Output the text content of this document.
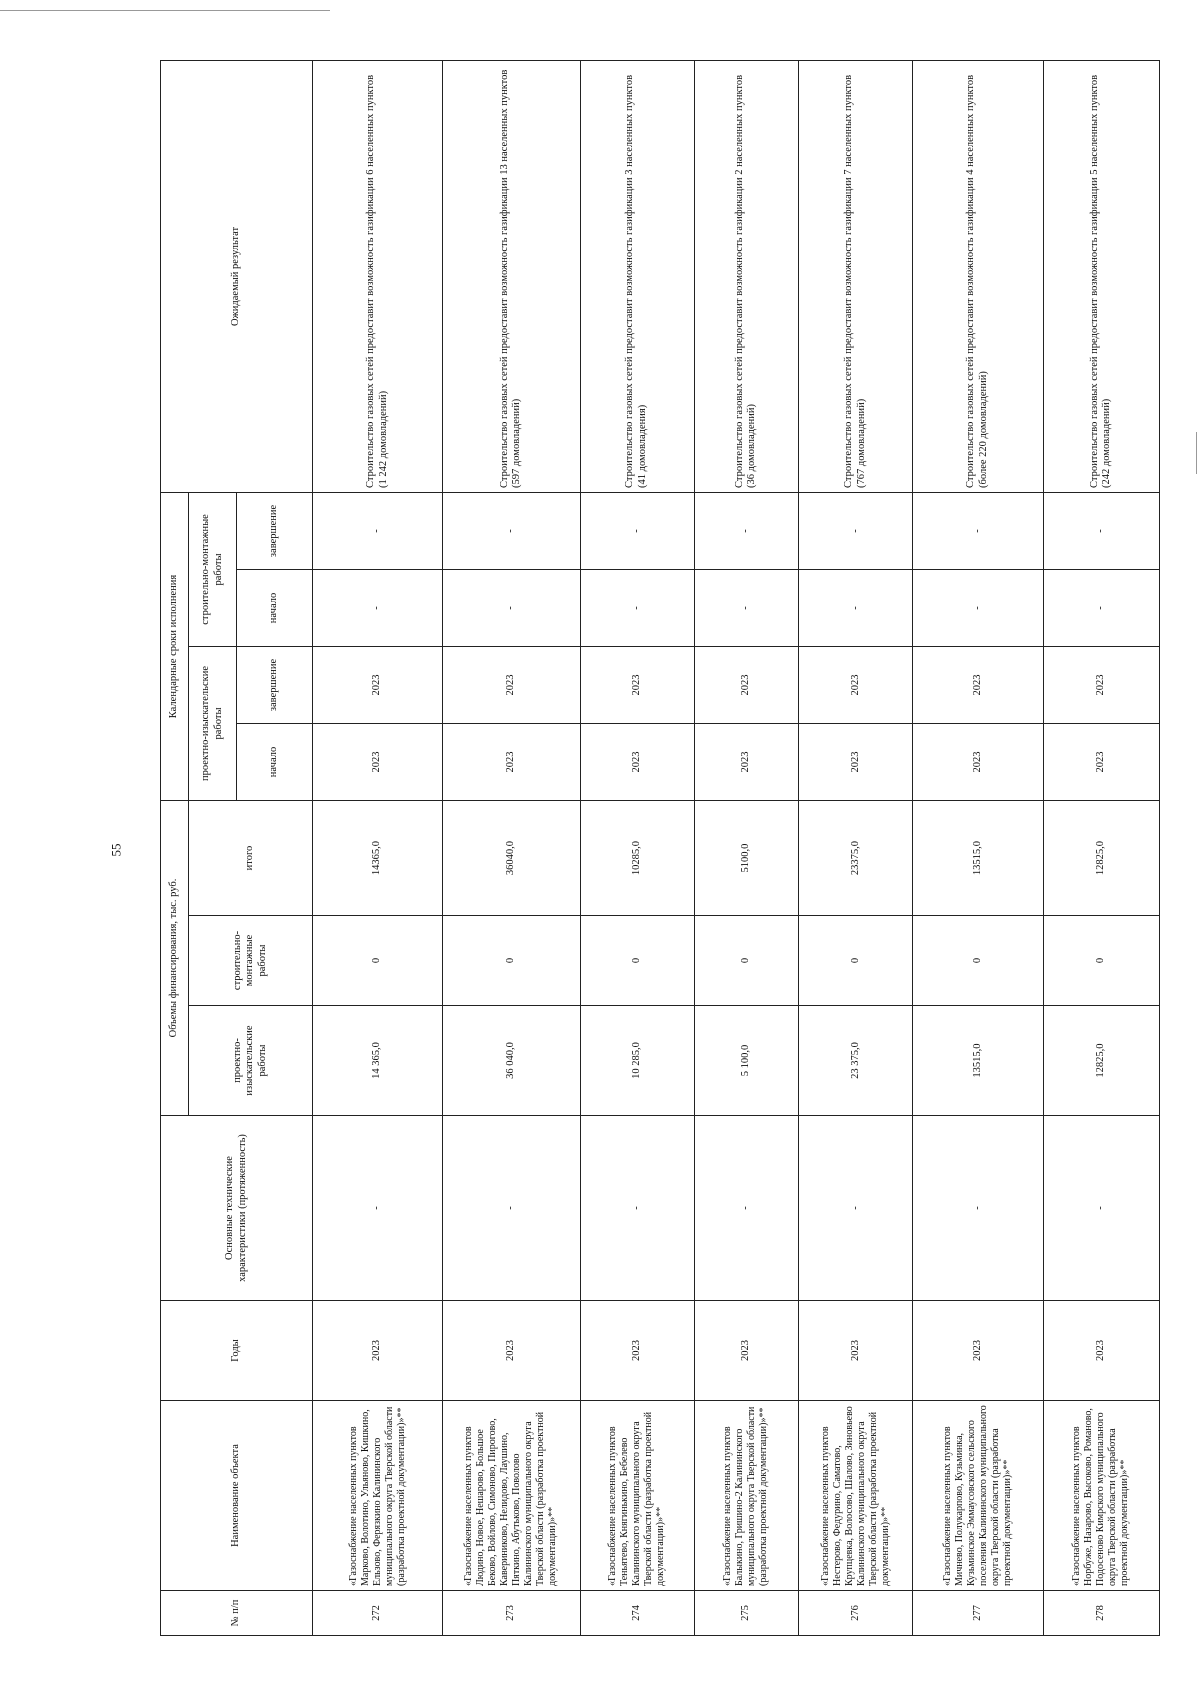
55
№ п/п	Наименование объекта	Годы	Основные технические характеристики (протяженность)	Объемы финансирования, тыс. руб.			Календарные сроки исполнения				Ожидаемый результат
				проектно-изыскательские работы	строительно-монтажные работы	итого	проектно-изыскательские работы		строительно-монтажные работы		
							начало	завершение	начало	завершение	
272	«Газоснабжение населенных пунктов Марково, Волотино, Ульяново, Кишкино, Ельзово, Ферязкино Калининского муниципального округа Тверской области (разработка проектной документации)»**	2023	-	14 365,0	0	14365,0	2023	2023	-	-	Строительство газовых сетей предоставит возможность газификации 6 населенных пунктов (1 242 домовладений)
273	«Газоснабжение населенных пунктов Людино, Новое, Нешарово, Большое Беково, Войлово, Симоново, Пирогово, Кавериниково, Нелидово, Лаушино, Пяткино, Абутьково, Поволово Калининского муниципального округа Тверской области (разработка проектной документации)»**	2023	-	36 040,0	0	36040,0	2023	2023	-	-	Строительство газовых сетей предоставит возможность газификации 13 населенных пунктов (597 домовладений)
274	«Газоснабжение населенных пунктов Теньятево, Княгинькино, Бебелево Калининского муниципального округа Тверской области (разработка проектной документации)»**	2023	-	10 285,0	0	10285,0	2023	2023	-	-	Строительство газовых сетей предоставит возможность газификации 3 населенных пунктов (41 домовладения)
275	«Газоснабжение населенных пунктов Балыкино, Гришино-2 Калининского муниципального округа Тверской области (разработка проектной документации)»**	2023	-	5 100,0	0	5100,0	2023	2023	-	-	Строительство газовых сетей предоставит возможность газификации 2 населенных пунктов (36 домовладений)
276	«Газоснабжение населенных пунктов Нестерово, Федурино, Саматово, Крупцевка, Волосово, Шалово, Зиновьево Калининского муниципального округа Тверской области (разработка проектной документации)»**	2023	-	23 375,0	0	23375,0	2023	2023	-	-	Строительство газовых сетей предоставит возможность газификации 7 населенных пунктов (767 домовладений)
277	«Газоснабжение населенных пунктов Мичнево, Полукарпово, Кузьминка, Кузьминское Эммаусовского сельского поселения Калининского муниципального округа Тверской области (разработка проектной документации)»**	2023	-	13515,0	0	13515,0	2023	2023	-	-	Строительство газовых сетей предоставит возможность газификации 4 населенных пунктов (более 220 домовладений)
278	«Газоснабжение населенных пунктов Норбуже, Назарово, Высоково, Романово, Подосеново Кимрского муниципального округа Тверской области (разработка проектной документации)»**	2023	-	12825,0	0	12825,0	2023	2023	-	-	Строительство газовых сетей предоставит возможность газификации 5 населенных пунктов (242 домовладений)
